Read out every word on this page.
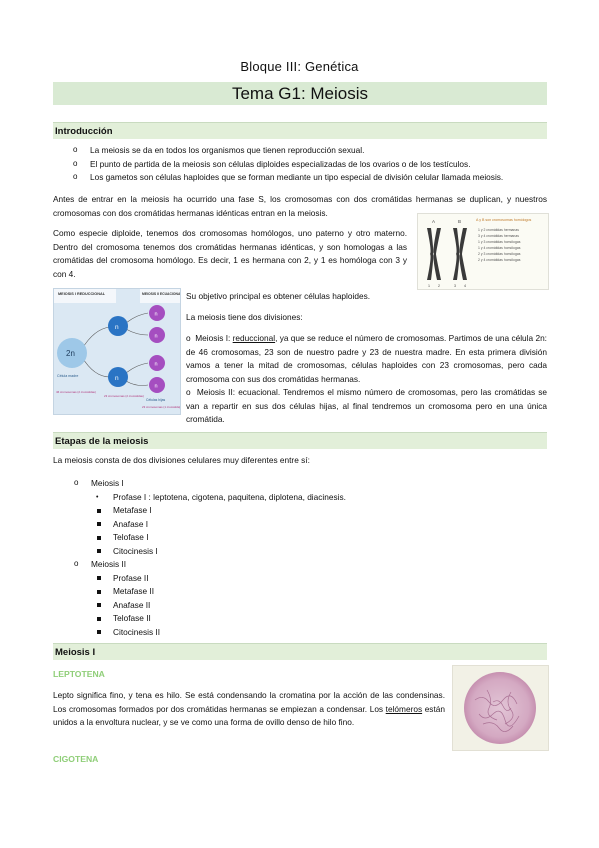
Bloque III: Genética
Tema G1: Meiosis
Introducción
o La meiosis se da en todos los organismos que tienen reproducción sexual.
o El punto de partida de la meiosis son células diploides especializadas de los ovarios o de los testículos.
o Los gametos son células haploides que se forman mediante un tipo especial de división celular llamada meiosis.
Antes de entrar en la meiosis ha ocurrido una fase S, los cromosomas con dos cromátidas hermanas se duplican, y nuestros cromosomas con dos cromátidas hermanas idénticas entran en la meiosis.
Como especie diploide, tenemos dos cromosomas homólogos, uno paterno y otro materno. Dentro del cromosoma tenemos dos cromátidas hermanas idénticas, y son homologas a las cromátidas del cromosoma homólogo. Es decir, 1 es hermana con 2, y 1 es homóloga con 3 y con 4.
A	B	A y B son cromosomas homólogos
1 2	3 4
1 y 2 cromátidas hermanas
3 y 4 cromátidas hermanas
1 y 3 cromátidas homólogas
1 y 4 cromátidas homólogas
2 y 3 cromátidas homólogas
2 y 4 cromátidas homólogas
MEIOSIS I REDUCCIONAL	MEIOSIS II ECUACIONAL
2n
n
n
n
n
n
n
Célula madre
46 cromosomas (2 cromátidas)
23 cromosomas (2 cromátidas)
Células hijas
23 cromosomas (1 cromátida)
Su objetivo principal es obtener células haploides.
La meiosis tiene dos divisiones:
o  Meiosis I: reduccional, ya que se reduce el número de cromosomas. Partimos de una célula 2n: de 46 cromosomas, 23 son de nuestro padre y 23 de nuestra madre. En esta primera división vamos a tener la mitad de cromosomas, células haploides con 23 cromosomas, pero cada cromosoma con sus dos cromátidas hermanas.
o  Meiosis II: ecuacional. Tendremos el mismo número de cromosomas, pero las cromátidas se van a repartir en sus dos células hijas, al final tendremos un cromosoma pero en una única cromátida.
Etapas de la meiosis
La meiosis consta de dos divisiones celulares muy diferentes entre sí:
o Meiosis I
• Profase I : leptotena, cigotena, paquitena, diplotena, diacinesis.
Metafase I
Anafase I
Telofase I
Citocinesis I
o Meiosis II
Profase II
Metafase II
Anafase II
Telofase II
Citocinesis II
Meiosis I
LEPTOTENA
Lepto significa fino, y tena es hilo. Se está condensando la cromatina por la acción de las condensinas. Los cromosomas formados por dos cromátidas hermanas se empiezan a condensar. Los telómeros están unidos a la envoltura nuclear, y se ve como una forma de ovillo denso de hilo fino.
CIGOTENA
